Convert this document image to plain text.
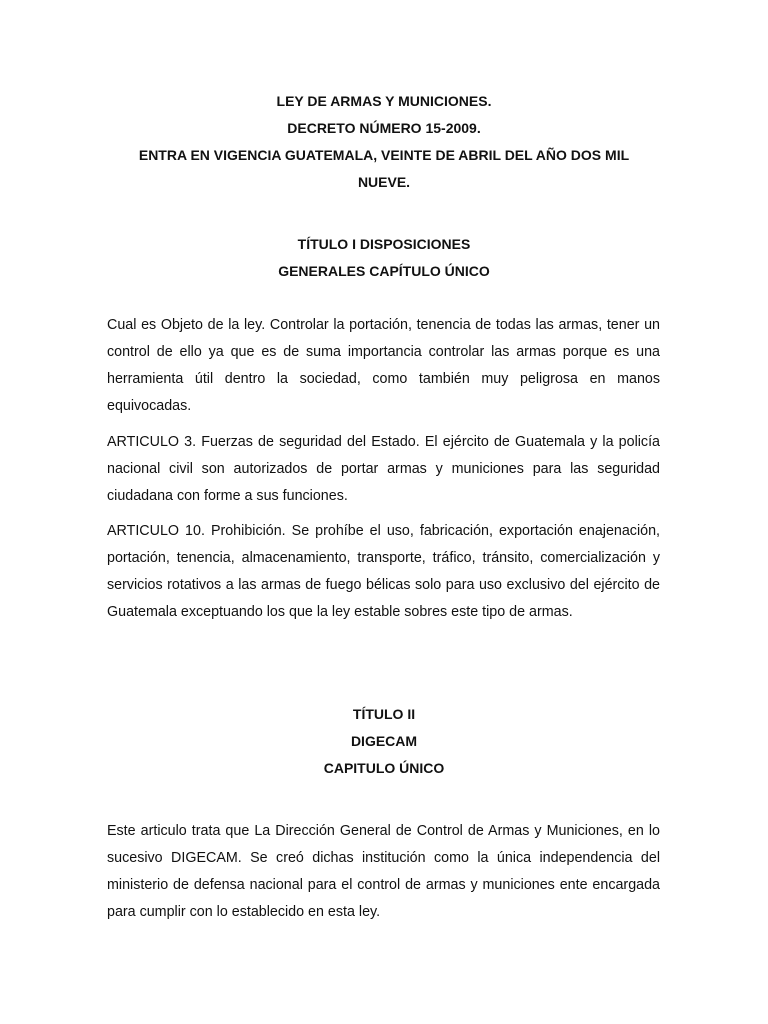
LEY DE ARMAS Y MUNICIONES.
DECRETO NÚMERO 15-2009.
ENTRA EN VIGENCIA GUATEMALA, VEINTE DE ABRIL DEL AÑO DOS MIL
NUEVE.
TÍTULO I DISPOSICIONES
GENERALES CAPÍTULO ÚNICO
Cual es Objeto de la ley. Controlar la portación, tenencia de todas las armas, tener un control de ello ya que es de suma importancia controlar las armas porque es una herramienta útil dentro la sociedad, como también muy peligrosa en manos equivocadas.
ARTICULO 3. Fuerzas de seguridad del Estado. El ejército de Guatemala y la policía nacional civil son autorizados de portar armas y municiones para las seguridad ciudadana con forme a sus funciones.
ARTICULO 10. Prohibición. Se prohíbe el uso, fabricación, exportación enajenación, portación, tenencia, almacenamiento, transporte, tráfico, tránsito, comercialización y servicios rotativos a las armas de fuego bélicas solo para uso exclusivo del ejército de Guatemala exceptuando los que la ley estable sobres este tipo de armas.
TÍTULO II
DIGECAM
CAPITULO ÚNICO
Este articulo trata que La Dirección General de Control de Armas y Municiones, en lo sucesivo DIGECAM. Se creó dichas institución como la única independencia del ministerio de defensa nacional para el control de armas y municiones ente encargada para cumplir con lo establecido en esta ley.
